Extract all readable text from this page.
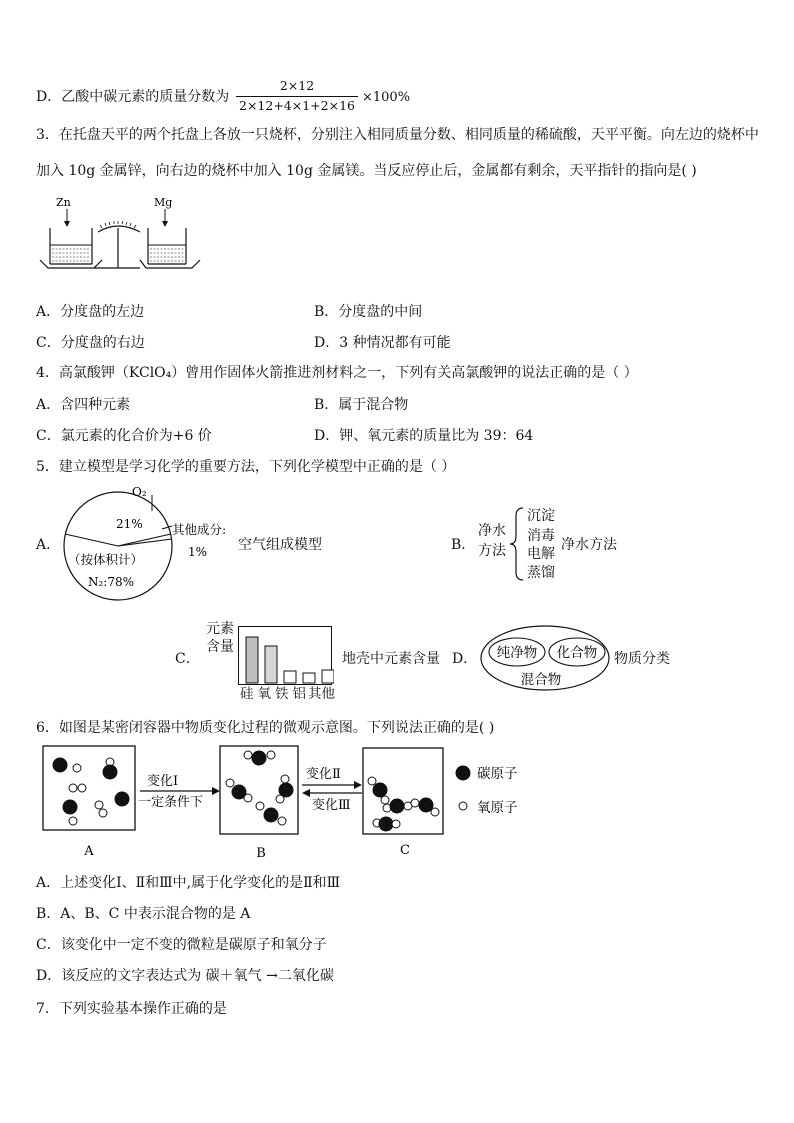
D．乙酸中碳元素的质量分数为 $\frac{2\times 12}{2\times 12+4\times 1+2\times 16} \times 100\%$
3．在托盘天平的两个托盘上各放一只烧杯，分别注入相同质量分数、相同质量的稀硫酸，天平平衡。向左边的烧杯中
加入 10g 金属锌，向右边的烧杯中加入 10g 金属镁。当反应停止后，金属都有剩余，天平指针的指向是( )
Zn	Mg
A．分度盘的左边	B．分度盘的中间
C．分度盘的右边	D．3 种情况都有可能
4．高氯酸钾（KClO₄）曾用作固体火箭推进剂材料之一，下列有关高氯酸钾的说法正确的是（ ）
A．含四种元素	B．属于混合物
C．氯元素的化合价为+6 价	D．钾、氧元素的质量比为 39：64
5．建立模型是学习化学的重要方法，下列化学模型中正确的是（ ）
A．
O₂
21% 其他成分:
1%
（按体积计）
N₂:78%
空气组成模型	B．
净水
方法
沉淀
消毒
电解
蒸馏
净水方法
C．
元素
含量
硅 氧 铁 铝 其他
地壳中元素含量 D． 纯净物 化合物
混合物
物质分类
6．如图是某密闭容器中物质变化过程的微观示意图。下列说法正确的是( )
A
变化Ⅰ
一定条件下
B
变化Ⅱ
变化Ⅲ
C
碳原子
氧原子
A．上述变化Ⅰ、Ⅱ和Ⅲ中,属于化学变化的是Ⅱ和Ⅲ
B．A、B、C 中表示混合物的是 A
C．该变化中一定不变的微粒是碳原子和氧分子
D．该反应的文字表达式为 碳＋氧气 →二氧化碳
7．下列实验基本操作正确的是
